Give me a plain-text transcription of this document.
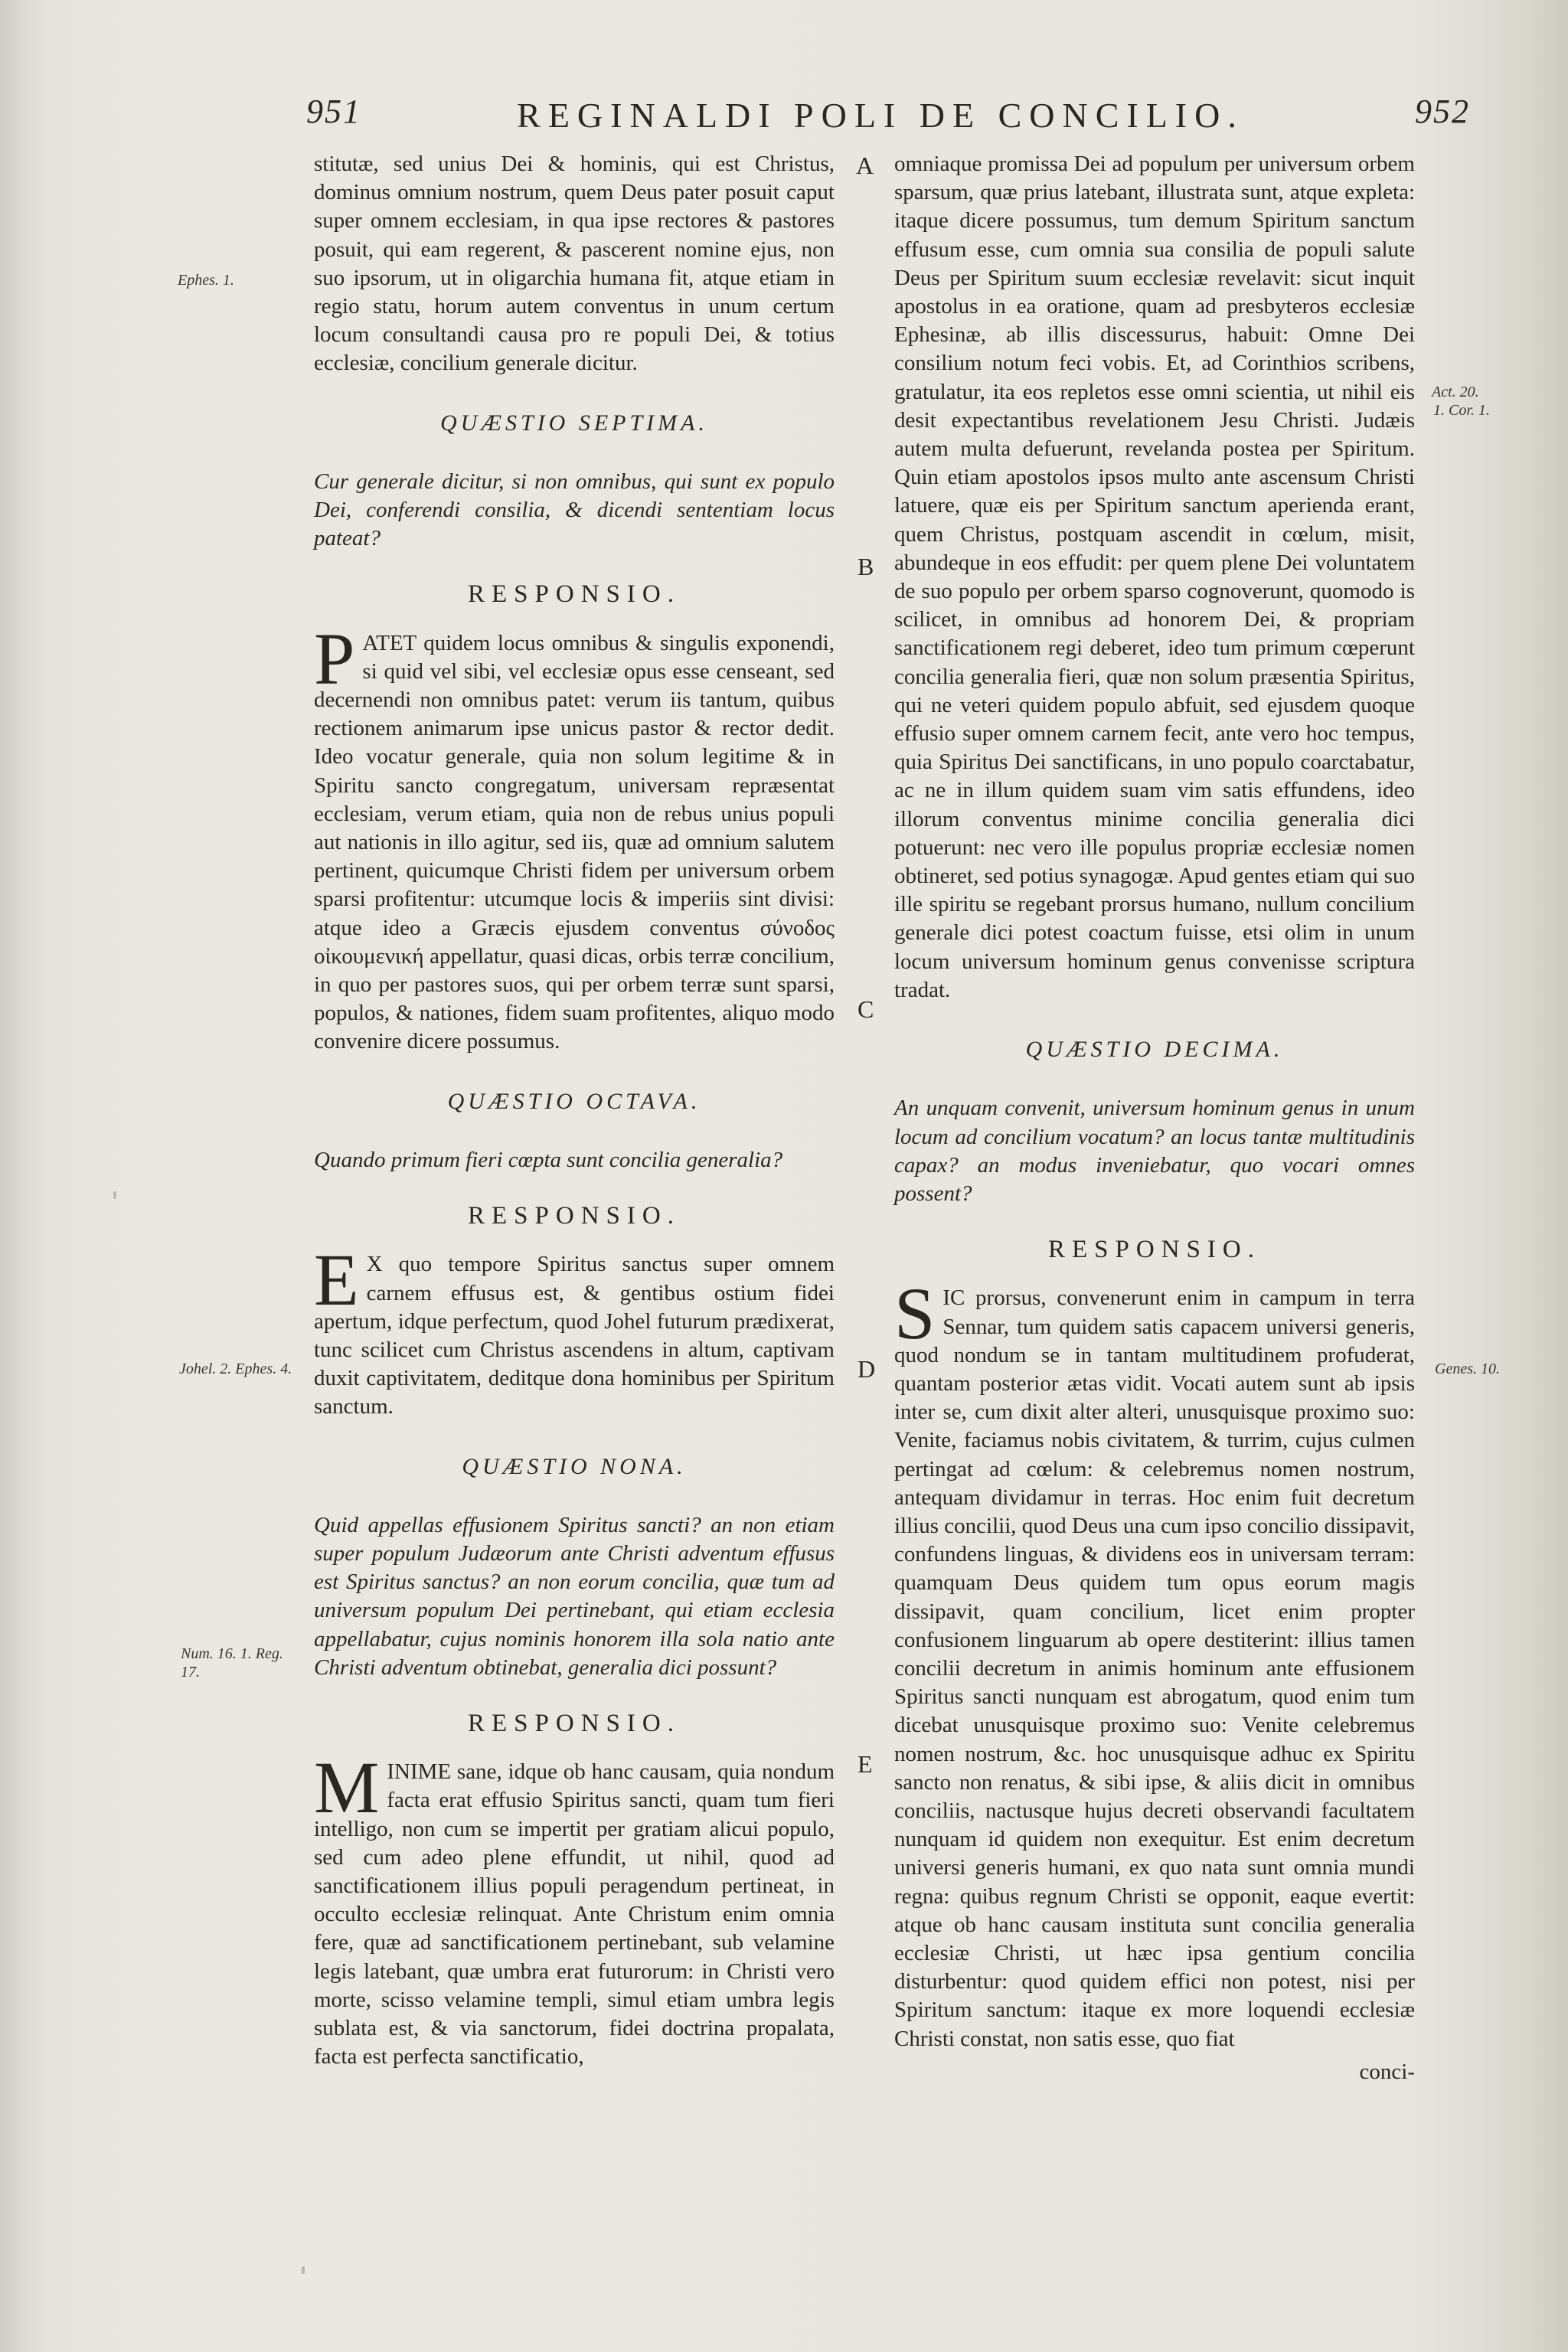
951	REGINALDI POLI DE CONCILIO.	952

stitutæ, sed unius Dei & hominis, qui est Christus, dominus omnium nostrum, quem Deus pater posuit caput super omnem ecclesiam, in qua ipse rectores & pastores posuit, qui eam regerent, & pascerent nomine ejus, non suo ipsorum, ut in oligarchia humana fit, atque etiam in regio statu, horum autem conventus in unum certum locum consultandi causa pro re populi Dei, & totius ecclesiæ, concilium generale dicitur.

QUÆSTIO SEPTIMA.

Cur generale dicitur, si non omnibus, qui sunt ex populo Dei, conferendi consilia, & dicendi sententiam locus pateat?

RESPONSIO.

PATET quidem locus omnibus & singulis exponendi, si quid vel sibi, vel ecclesiæ opus esse censeant, sed decernendi non omnibus patet: verum iis tantum, quibus rectionem animarum ipse unicus pastor & rector dedit. Ideo vocatur generale, quia non solum legitime & in Spiritu sancto congregatum, universam repræsentat ecclesiam, verum etiam, quia non de rebus unius populi aut nationis in illo agitur, sed iis, quæ ad omnium salutem pertinent, quicumque Christi fidem per universum orbem sparsi profitentur: utcumque locis & imperiis sint divisi: atque ideo a Græcis ejusdem conventus σύνοδος οἰκουμενική appellatur, quasi dicas, orbis terræ concilium, in quo per pastores suos, qui per orbem terræ sunt sparsi, populos, & nationes, fidem suam profitentes, aliquo modo convenire dicere possumus.

QUÆSTIO OCTAVA.

Quando primum fieri cœpta sunt concilia generalia?

RESPONSIO.

E X quo tempore Spiritus sanctus super omnem carnem effusus est, & gentibus ostium fidei apertum, idque perfectum, quod Johel futurum prædixerat, tunc scilicet cum Christus ascendens in altum, captivam duxit captivitatem, deditque dona hominibus per Spiritum sanctum.

QUÆSTIO NONA.

Quid appellas effusionem Spiritus sancti? an non etiam super populum Judæorum ante Christi adventum effusus est Spiritus sanctus? an non eorum concilia, quæ tum ad universum populum Dei pertinebant, qui etiam ecclesia appellabatur, cujus nominis honorem illa sola natio ante Christi adventum obtinebat, generalia dici possunt?

RESPONSIO.

MINIME sane, idque ob hanc causam, quia nondum facta erat effusio Spiritus sancti, quam tum fieri intelligo, non cum se impertit per gratiam alicui populo, sed cum adeo plene effundit, ut nihil, quod ad sanctificationem illius populi peragendum pertineat, in occulto ecclesiæ relinquat. Ante Christum enim omnia fere, quæ ad sanctificationem pertinebant, sub velamine legis latebant, quæ umbra erat futurorum: in Christi vero morte, scisso velamine templi, simul etiam umbra legis sublata est, & via sanctorum, fidei doctrina propalata, facta est perfecta sanctificatio,

omniaque promissa Dei ad populum per universum orbem sparsum, quæ prius latebant, illustrata sunt, atque expleta: itaque dicere possumus, tum demum Spiritum sanctum effusum esse, cum omnia sua consilia de populi salute Deus per Spiritum suum ecclesiæ revelavit: sicut inquit apostolus in ea oratione, quam ad presbyteros ecclesiæ Ephesinæ, ab illis discessurus, habuit: Omne Dei consilium notum feci vobis. Et, ad Corinthios scribens, gratulatur, ita eos repletos esse omni scientia, ut nihil eis desit expectantibus revelationem Jesu Christi. Judæis autem multa defuerunt, revelanda postea per Spiritum. Quin etiam apostolos ipsos multo ante ascensum Christi latuere, quæ eis per Spiritum sanctum aperienda erant, quem Christus, postquam ascendit in cœlum, misit, abundeque in eos effudit: per quem plene Dei voluntatem de suo populo per orbem sparso cognoverunt, quomodo is scilicet, in omnibus ad honorem Dei, & propriam sanctificationem regi deberet, ideo tum primum cœperunt concilia generalia fieri, quæ non solum præsentia Spiritus, qui ne veteri quidem populo abfuit, sed ejusdem quoque effusio super omnem carnem fecit, ante vero hoc tempus, quia Spiritus Dei sanctificans, in uno populo coarctabatur, ac ne in illum quidem suam vim satis effundens, ideo illorum conventus minime concilia generalia dici potuerunt: nec vero ille populus propriæ ecclesiæ nomen obtineret, sed potius synagogæ. Apud gentes etiam qui suo ille spiritu se regebant prorsus humano, nullum concilium generale dici potest coactum fuisse, etsi olim in unum locum universum hominum genus convenisse scriptura tradat.

QUÆSTIO DECIMA.

An unquam convenit, universum hominum genus in unum locum ad concilium vocatum? an locus tantæ multitudinis capax? an modus inveniebatur, quo vocari omnes possent?

RESPONSIO.

SIC prorsus, convenerunt enim in campum in terra Sennar, tum quidem satis capacem universi generis, quod nondum se in tantam multitudinem profuderat, quantam posterior ætas vidit. Vocati autem sunt ab ipsis inter se, cum dixit alter alteri, unusquisque proximo suo: Venite, faciamus nobis civitatem, & turrim, cujus culmen pertingat ad cœlum: & celebremus nomen nostrum, antequam dividamur in terras. Hoc enim fuit decretum illius concilii, quod Deus una cum ipso concilio dissipavit, confundens linguas, & dividens eos in universam terram: quamquam Deus quidem tum opus eorum magis dissipavit, quam concilium, licet enim propter confusionem linguarum ab opere destiterint: illius tamen concilii decretum in animis hominum ante effusionem Spiritus sancti nunquam est abrogatum, quod enim tum dicebat unusquisque proximo suo: Venite celebremus nomen nostrum, &c. hoc unusquisque adhuc ex Spiritu sancto non renatus, & sibi ipse, & aliis dicit in omnibus conciliis, nactusque hujus decreti observandi facultatem nunquam id quidem non exequitur. Est enim decretum universi generis humani, ex quo nata sunt omnia mundi regna: quibus regnum Christi se opponit, eaque evertit: atque ob hanc causam instituta sunt concilia generalia ecclesiæ Christi, ut hæc ipsa gentium concilia disturbentur: quod quidem effici non potest, nisi per Spiritum sanctum: itaque ex more loquendi ecclesiæ Christi constat, non satis esse, quo fiat

conci-

Ephes. 1.
Johel. 2. Ephes. 4.
Num. 16. 1. Reg. 17.
Act. 20.
1. Cor. 1.
Genes. 10.
A
B
C
D
E
